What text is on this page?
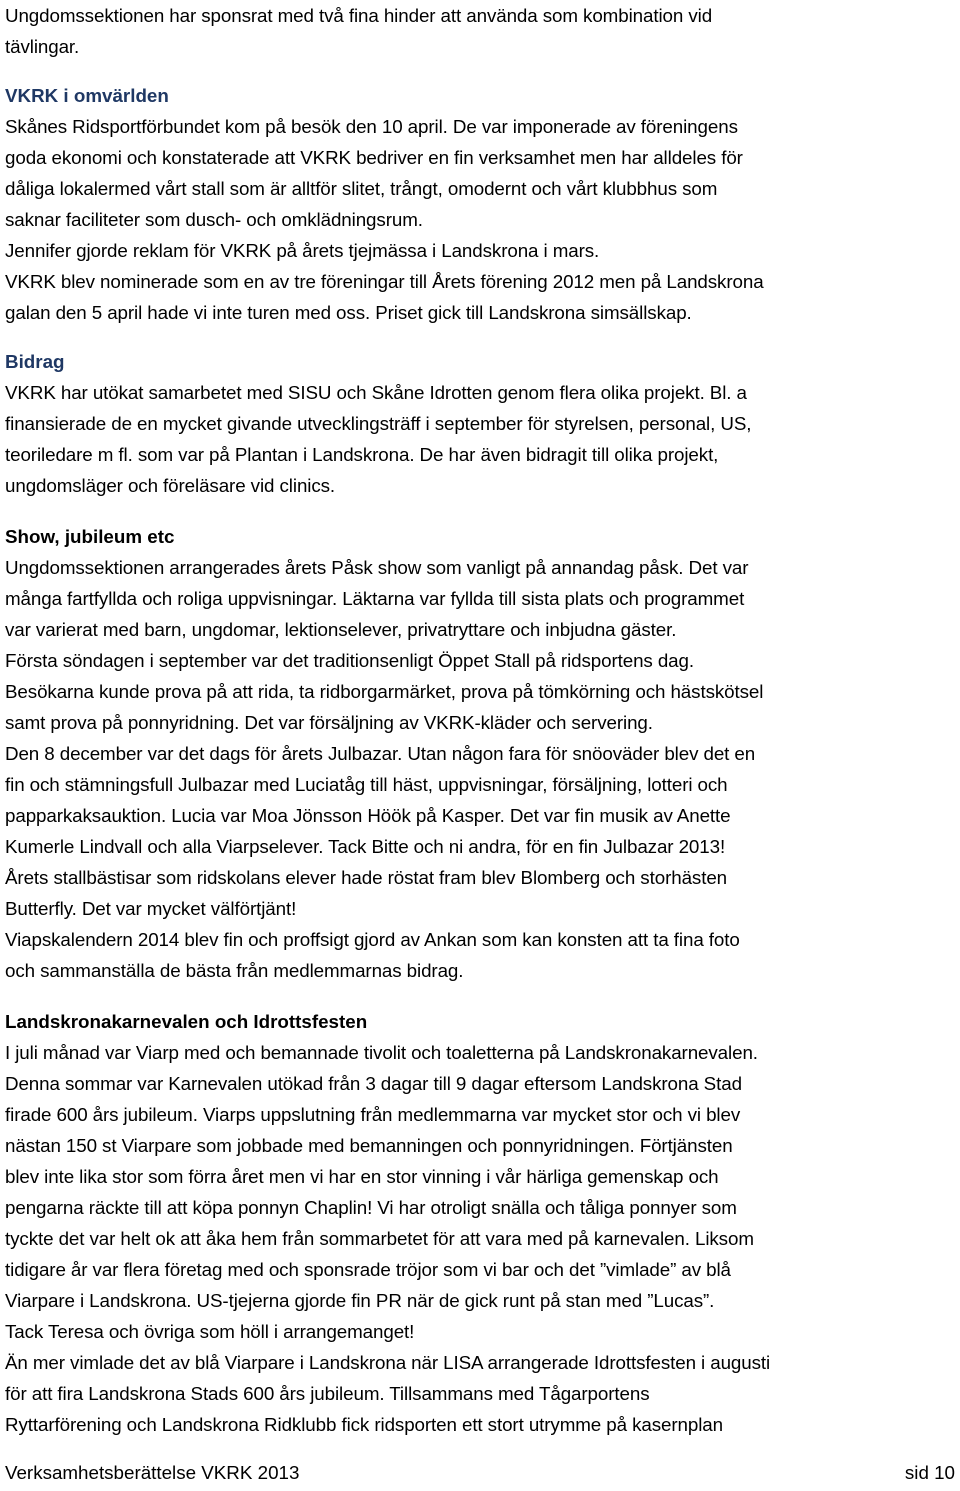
Ungdomssektionen har sponsrat med två fina hinder att använda som kombination vid
tävlingar.

VKRK i omvärlden

Skånes Ridsportförbundet kom på besök den 10 april. De var imponerade av föreningens
goda ekonomi och konstaterade att VKRK bedriver en fin verksamhet men har alldeles för
dåliga lokalermed vårt stall som är alltför slitet, trångt, omodernt och vårt klubbhus som
saknar faciliteter som dusch- och omklädningsrum.
Jennifer gjorde reklam för VKRK på årets tjejmässa i Landskrona i mars.
VKRK blev nominerade som en av tre föreningar till Årets förening 2012 men på Landskrona
galan den 5 april hade vi inte turen med oss. Priset gick till Landskrona simsällskap.

Bidrag

VKRK har utökat samarbetet med SISU och Skåne Idrotten genom flera olika projekt. Bl. a
finansierade de en mycket givande utvecklingsträff i september för styrelsen, personal, US,
teoriledare m fl. som var på Plantan i Landskrona. De har även bidragit till olika projekt,
ungdomsläger och föreläsare vid clinics.

Show, jubileum etc

Ungdomssektionen arrangerades årets Påsk show som vanligt på annandag påsk. Det var
många fartfyllda och roliga uppvisningar. Läktarna var fyllda till sista plats och programmet
var varierat med barn, ungdomar, lektionselever, privatryttare och inbjudna gäster.
Första söndagen i september var det traditionsenligt Öppet Stall på ridsportens dag.
Besökarna kunde prova på att rida, ta ridborgarmärket, prova på tömkörning och hästskötsel
samt prova på ponnyridning. Det var försäljning av VKRK-kläder och servering.
Den 8 december var det dags för årets Julbazar. Utan någon fara för snöoväder blev det en
fin och stämningsfull Julbazar med Luciatåg till häst, uppvisningar, försäljning, lotteri och
papparkaksauktion. Lucia var Moa Jönsson Höök på Kasper. Det var fin musik av Anette
Kumerle Lindvall och alla Viarpselever. Tack Bitte och ni andra, för en fin Julbazar 2013!
Årets stallbästisar som ridskolans elever hade röstat fram blev Blomberg och storhästen
Butterfly. Det var mycket välförtjänt!
Viapskalendern 2014 blev fin och proffsigt gjord av Ankan som kan konsten att ta fina foto
och sammanställa de bästa från medlemmarnas bidrag.

Landskronakarnevalen och Idrottsfesten

I juli månad var Viarp med och bemannade tivolit och toaletterna på Landskronakarnevalen.
Denna sommar var Karnevalen utökad från 3 dagar till 9 dagar eftersom Landskrona Stad
firade 600 års jubileum. Viarps uppslutning från medlemmarna var mycket stor och vi blev
nästan 150 st Viarpare som jobbade med bemanningen och ponnyridningen. Förtjänsten
blev inte lika stor som förra året men vi har en stor vinning i vår härliga gemenskap och
pengarna räckte till att köpa ponnyn Chaplin! Vi har otroligt snälla och tåliga ponnyer som
tyckte det var helt ok att åka hem från sommarbetet för att vara med på karnevalen. Liksom
tidigare år var flera företag med och sponsrade tröjor som vi bar och det ”vimlade” av blå
Viarpare i Landskrona. US-tjejerna gjorde fin PR när de gick runt på stan med ”Lucas”.
Tack Teresa och övriga som höll i arrangemanget!
Än mer vimlade det av blå Viarpare i Landskrona när LISA arrangerade Idrottsfesten i augusti
för att fira Landskrona Stads 600 års jubileum. Tillsammans med Tågarportens
Ryttarförening och Landskrona Ridklubb fick ridsporten ett stort utrymme på kasernplan

Verksamhetsberättelse VKRK 2013	sid 10
